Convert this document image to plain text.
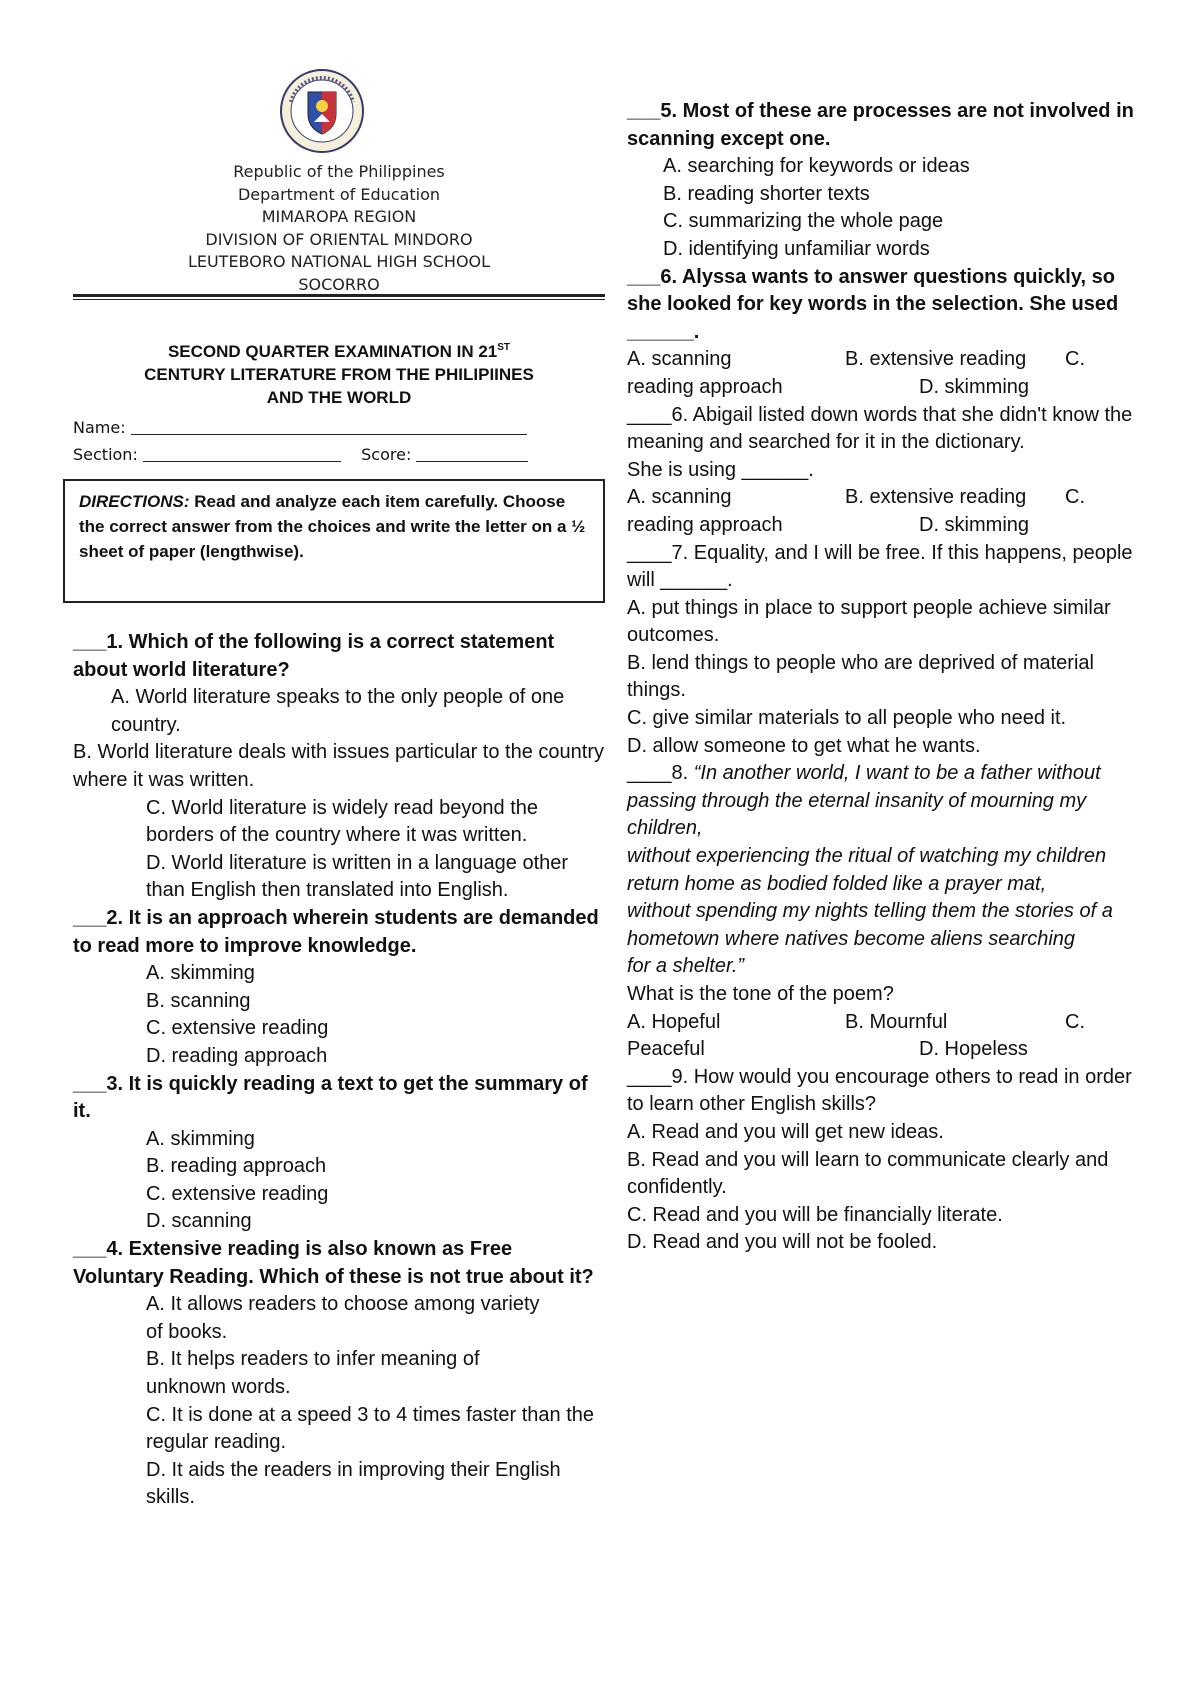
Republic of the Philippines
Department of Education
MIMAROPA REGION
DIVISION OF ORIENTAL MINDORO
LEUTEBORO NATIONAL HIGH SCHOOL
SOCORRO
SECOND QUARTER EXAMINATION IN 21ST
CENTURY LITERATURE FROM THE PHILIPIINES
AND THE WORLD
Name:
Section:	Score:

DIRECTIONS: Read and analyze each item carefully. Choose the correct answer from the choices and write the letter on a ½ sheet of paper (lengthwise).

___1. Which of the following is a correct statement about world literature?
A. World literature speaks to the only people of one country.
B. World literature deals with issues particular to the country where it was written.
C. World literature is widely read beyond the borders of the country where it was written.
D. World literature is written in a language other than English then translated into English.
___2. It is an approach wherein students are demanded to read more to improve knowledge.
A. skimming
B. scanning
C. extensive reading
D. reading approach
___3. It is quickly reading a text to get the summary of it.
A. skimming
B. reading approach
C. extensive reading
D. scanning
___4. Extensive reading is also known as Free Voluntary Reading. Which of these is not true about it?
A. It allows readers to choose among variety of books.
B. It helps readers to infer meaning of unknown words.
C. It is done at a speed 3 to 4 times faster than the regular reading.
D. It aids the readers in improving their English skills.
___5. Most of these are processes are not involved in scanning except one.
A. searching for keywords or ideas
B. reading shorter texts
C. summarizing the whole page
D. identifying unfamiliar words
___6. Alyssa wants to answer questions quickly, so she looked for key words in the selection. She used ______.
A. scanning	B. extensive reading	C.
reading approach	D. skimming
____6. Abigail listed down words that she didn't know the meaning and searched for it in the dictionary.
She is using ______.
A. scanning	B. extensive reading	C.
reading approach	D. skimming
____7. Equality, and I will be free. If this happens, people will ______.
A. put things in place to support people achieve similar outcomes.
B. lend things to people who are deprived of material things.
C. give similar materials to all people who need it.
D. allow someone to get what he wants.
____8. “In another world, I want to be a father without passing through the eternal insanity of mourning my children,
without experiencing the ritual of watching my children return home as bodied folded like a prayer mat,
without spending my nights telling them the stories of a hometown where natives become aliens searching
for a shelter.”
What is the tone of the poem?
A. Hopeful	B. Mournful	C.
Peaceful	D. Hopeless
____9. How would you encourage others to read in order to learn other English skills?
A. Read and you will get new ideas.
B. Read and you will learn to communicate clearly and confidently.
C. Read and you will be financially literate.
D. Read and you will not be fooled.
